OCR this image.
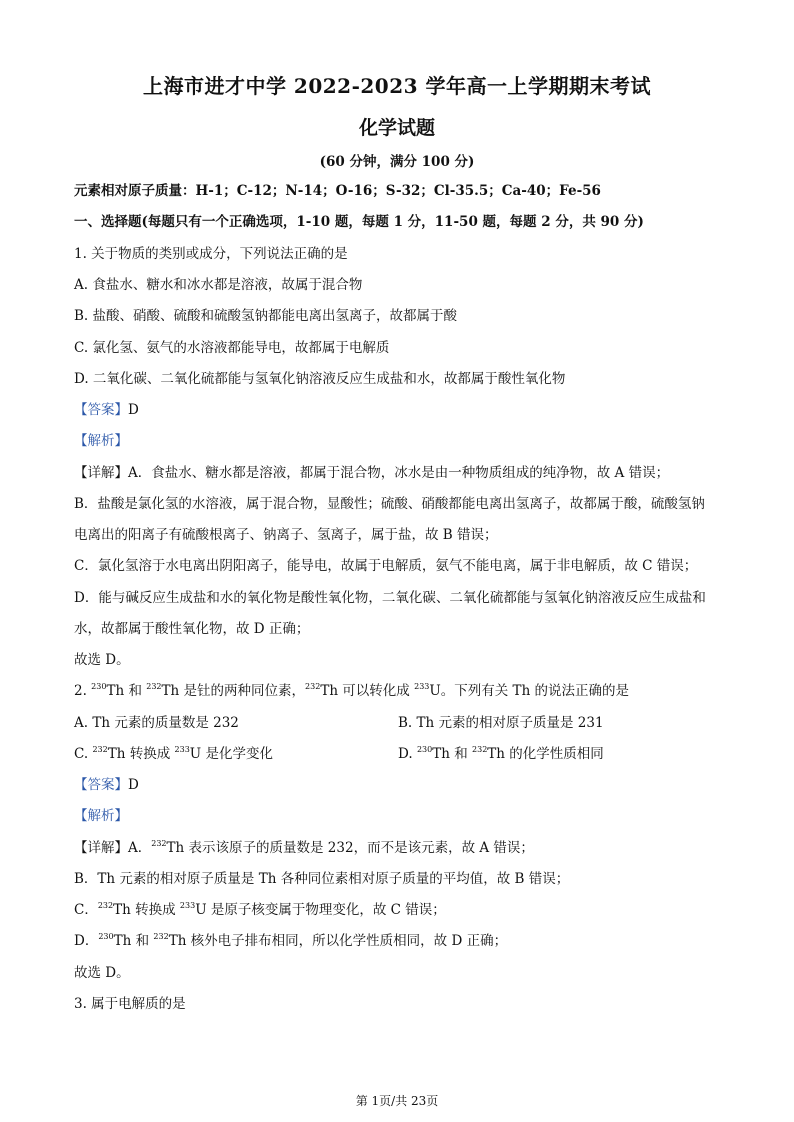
上海市进才中学 2022-2023 学年高一上学期期末考试
化学试题
(60 分钟，满分 100 分)
元素相对原子质量：H-1；C-12；N-14；O-16；S-32；Cl-35.5；Ca-40；Fe-56
一、选择题(每题只有一个正确选项，1-10 题，每题 1 分，11-50 题，每题 2 分，共 90 分)
1. 关于物质的类别或成分，下列说法正确的是
A. 食盐水、糖水和冰水都是溶液，故属于混合物
B. 盐酸、硝酸、硫酸和硫酸氢钠都能电离出氢离子，故都属于酸
C. 氯化氢、氨气的水溶液都能导电，故都属于电解质
D. 二氧化碳、二氧化硫都能与氢氧化钠溶液反应生成盐和水，故都属于酸性氧化物
【答案】D
【解析】
【详解】A．食盐水、糖水都是溶液，都属于混合物，冰水是由一种物质组成的纯净物，故 A 错误；
B．盐酸是氯化氢的水溶液，属于混合物，显酸性；硫酸、硝酸都能电离出氢离子，故都属于酸，硫酸氢钠
电离出的阳离子有硫酸根离子、钠离子、氢离子，属于盐，故 B 错误；
C．氯化氢溶于水电离出阴阳离子，能导电，故属于电解质，氨气不能电离，属于非电解质，故 C 错误；
D．能与碱反应生成盐和水的氧化物是酸性氧化物，二氧化碳、二氧化硫都能与氢氧化钠溶液反应生成盐和
水，故都属于酸性氧化物，故 D 正确；
故选 D。
2. $^{230}$Th 和 $^{232}$Th 是钍的两种同位素，$^{232}$Th 可以转化成 $^{233}$U。下列有关 Th 的说法正确的是
A. Th 元素的质量数是 232	B. Th 元素的相对原子质量是 231
C. $^{232}$Th 转换成 $^{233}$U 是化学变化	D. $^{230}$Th 和 $^{232}$Th 的化学性质相同
【答案】D
【解析】
【详解】A．$^{232}$Th 表示该原子的质量数是 232，而不是该元素，故 A 错误；
B．Th 元素的相对原子质量是 Th 各种同位素相对原子质量的平均值，故 B 错误；
C．$^{232}$Th 转换成 $^{233}$U 是原子核变属于物理变化，故 C 错误；
D．$^{230}$Th 和 $^{232}$Th 核外电子排布相同，所以化学性质相同，故 D 正确；
故选 D。
3. 属于电解质的是
第 1页/共 23页
